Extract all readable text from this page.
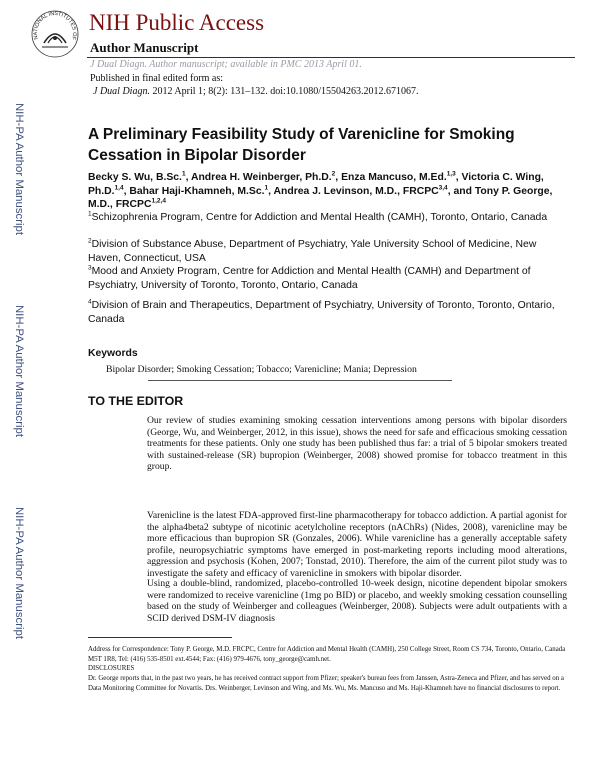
NATIONAL INSTITUTES OF
NIH Public Access
Author Manuscript
J Dual Diagn. Author manuscript; available in PMC 2013 April 01.
Published in final edited form as:
J Dual Diagn. 2012 April 1; 8(2): 131–132. doi:10.1080/15504263.2012.671067.
NIH-PA Author Manuscript
NIH-PA Author Manuscript
NIH-PA Author Manuscript
A Preliminary Feasibility Study of Varenicline for Smoking Cessation in Bipolar Disorder
Becky S. Wu, B.Sc.$^1$, Andrea H. Weinberger, Ph.D.$^2$, Enza Mancuso, M.Ed.$^{1,3}$, Victoria C. Wing, Ph.D.$^{1,4}$, Bahar Haji-Khamneh, M.Sc.$^1$, Andrea J. Levinson, M.D., FRCPC$^{3,4}$, and Tony P. George, M.D., FRCPC$^{1,2,4}$
$^1$Schizophrenia Program, Centre for Addiction and Mental Health (CAMH), Toronto, Ontario, Canada
$^2$Division of Substance Abuse, Department of Psychiatry, Yale University School of Medicine, New Haven, Connecticut, USA
$^3$Mood and Anxiety Program, Centre for Addiction and Mental Health (CAMH) and Department of Psychiatry, University of Toronto, Toronto, Ontario, Canada
$^4$Division of Brain and Therapeutics, Department of Psychiatry, University of Toronto, Toronto, Ontario, Canada
Keywords
Bipolar Disorder; Smoking Cessation; Tobacco; Varenicline; Mania; Depression
TO THE EDITOR
Our review of studies examining smoking cessation interventions among persons with bipolar disorders (George, Wu, and Weinberger, 2012, in this issue), shows the need for safe and efficacious smoking cessation treatments for these patients. Only one study has been published thus far: a trial of 5 bipolar smokers treated with sustained-release (SR) bupropion (Weinberger, 2008) showed promise for tobacco treatment in this group.
Varenicline is the latest FDA-approved first-line pharmacotherapy for tobacco addiction. A partial agonist for the alpha4beta2 subtype of nicotinic acetylcholine receptors (nAChRs) (Nides, 2008), varenicline may be more efficacious than bupropion SR (Gonzales, 2006). While varenicline has a generally acceptable safety profile, neuropsychiatric symptoms have emerged in post-marketing reports including mood alterations, aggression and psychosis (Kohen, 2007; Tonstad, 2010). Therefore, the aim of the current pilot study was to investigate the safety and efficacy of varenicline in smokers with bipolar disorder.
Using a double-blind, randomized, placebo-controlled 10-week design, nicotine dependent bipolar smokers were randomized to receive varenicline (1mg po BID) or placebo, and weekly smoking cessation counselling based on the study of Weinberger and colleagues (Weinberger, 2008). Subjects were adult outpatients with a SCID derived DSM-IV diagnosis
Address for Correspondence: Tony P. George, M.D. FRCPC, Centre for Addiction and Mental Health (CAMH), 250 College Street, Room CS 734, Toronto, Ontario, Canada M5T 1R8, Tel: (416) 535-8501 ext.4544; Fax: (416) 979-4676, tony_george@camh.net.
DISCLOSURES
Dr. George reports that, in the past two years, he has received contract support from Pfizer; speaker's bureau fees from Janssen, Astra-Zeneca and Pfizer, and has served on a Data Monitoring Committee for Novartis. Drs. Weinberger, Levinson and Wing, and Ms. Wu, Ms. Mancuso and Ms. Haji-Khamneh have no financial disclosures to report.
